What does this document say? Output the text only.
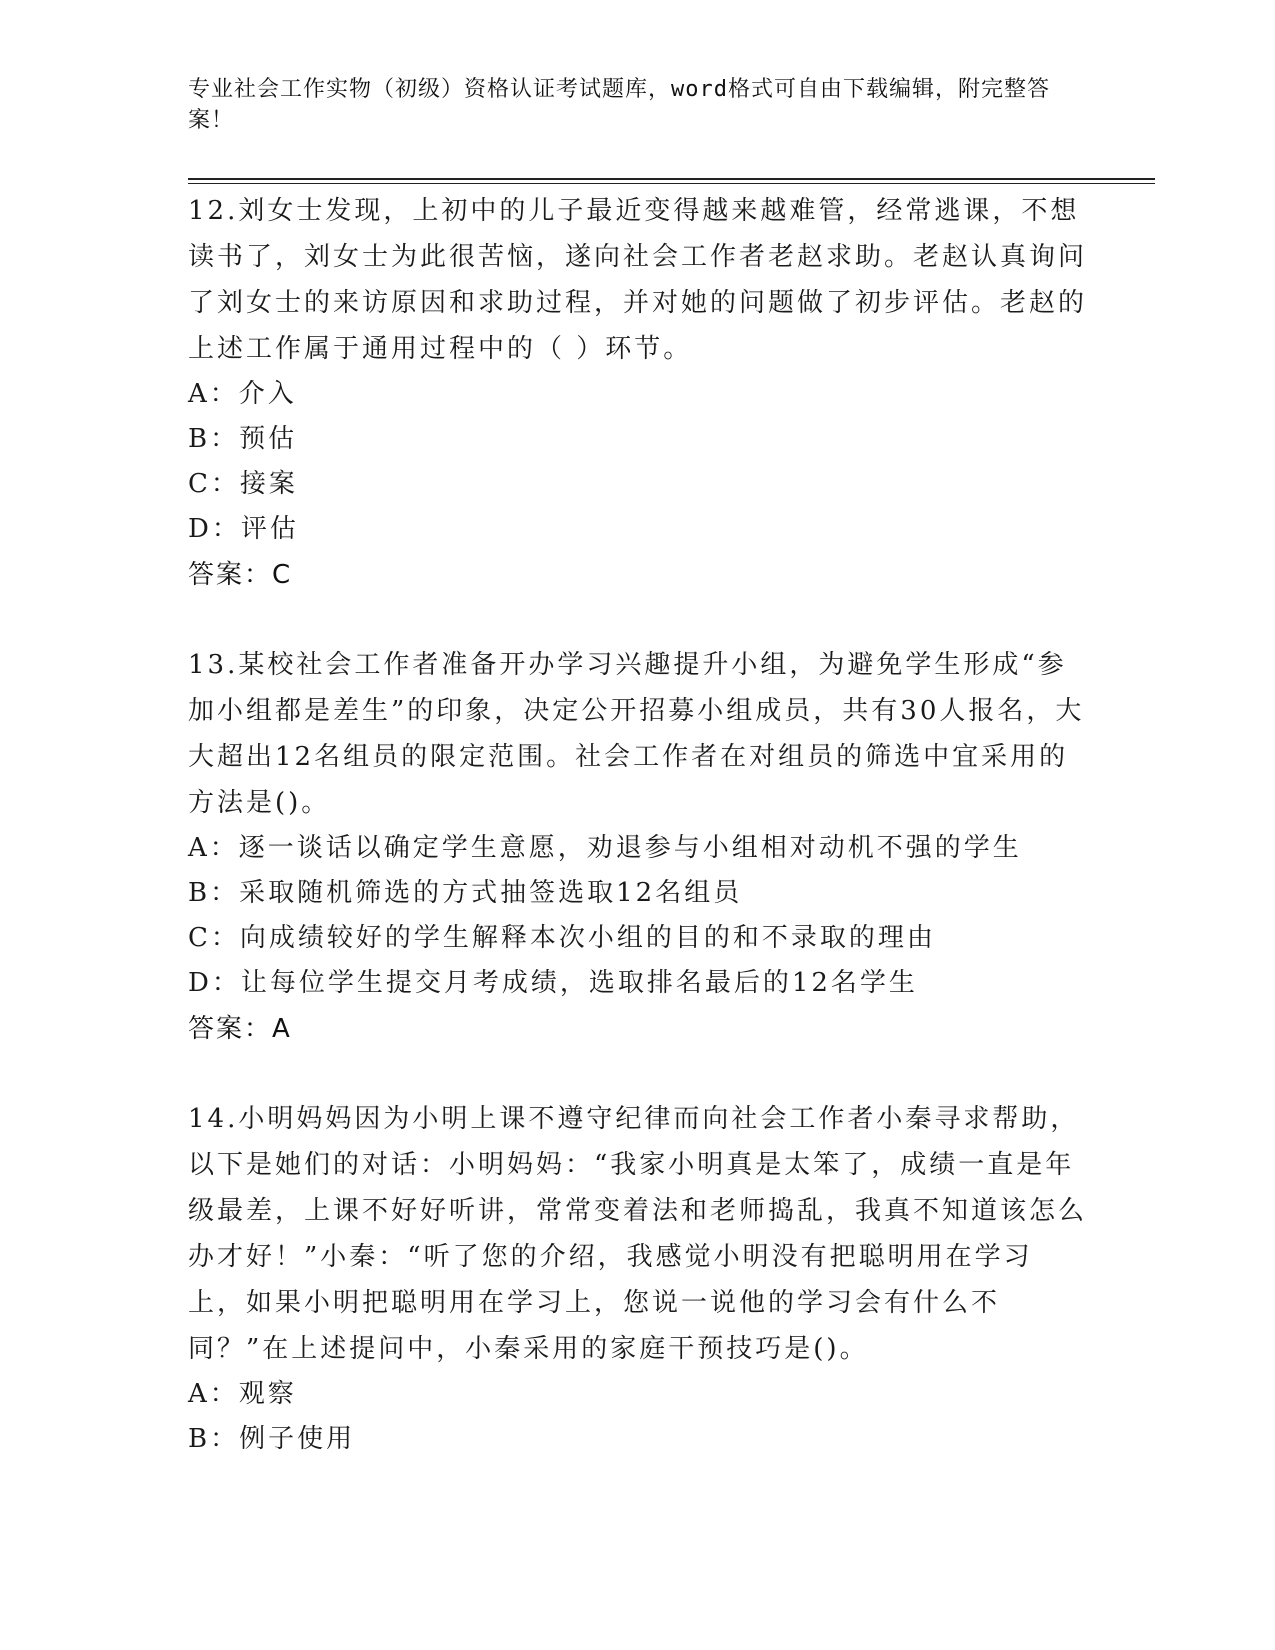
专业社会工作实物（初级）资格认证考试题库，word格式可自由下载编辑，附完整答案！

12.刘女士发现，上初中的儿子最近变得越来越难管，经常逃课，不想读书了，刘女士为此很苦恼，遂向社会工作者老赵求助。老赵认真询问了刘女士的来访原因和求助过程，并对她的问题做了初步评估。老赵的上述工作属于通用过程中的（ ）环节。

A：介入

B：预估

C：接案

D：评估

答案：C

13.某校社会工作者准备开办学习兴趣提升小组，为避免学生形成“参加小组都是差生”的印象，决定公开招募小组成员，共有30人报名，大大超出12名组员的限定范围。社会工作者在对组员的筛选中宜采用的方法是()。

A：逐一谈话以确定学生意愿，劝退参与小组相对动机不强的学生

B：采取随机筛选的方式抽签选取12名组员

C：向成绩较好的学生解释本次小组的目的和不录取的理由

D：让每位学生提交月考成绩，选取排名最后的12名学生

答案：A

14.小明妈妈因为小明上课不遵守纪律而向社会工作者小秦寻求帮助，以下是她们的对话：小明妈妈：“我家小明真是太笨了，成绩一直是年级最差，上课不好好听讲，常常变着法和老师捣乱，我真不知道该怎么办才好！”小秦：“听了您的介绍，我感觉小明没有把聪明用在学习上，如果小明把聪明用在学习上，您说一说他的学习会有什么不同？”在上述提问中，小秦采用的家庭干预技巧是()。

A：观察

B：例子使用
